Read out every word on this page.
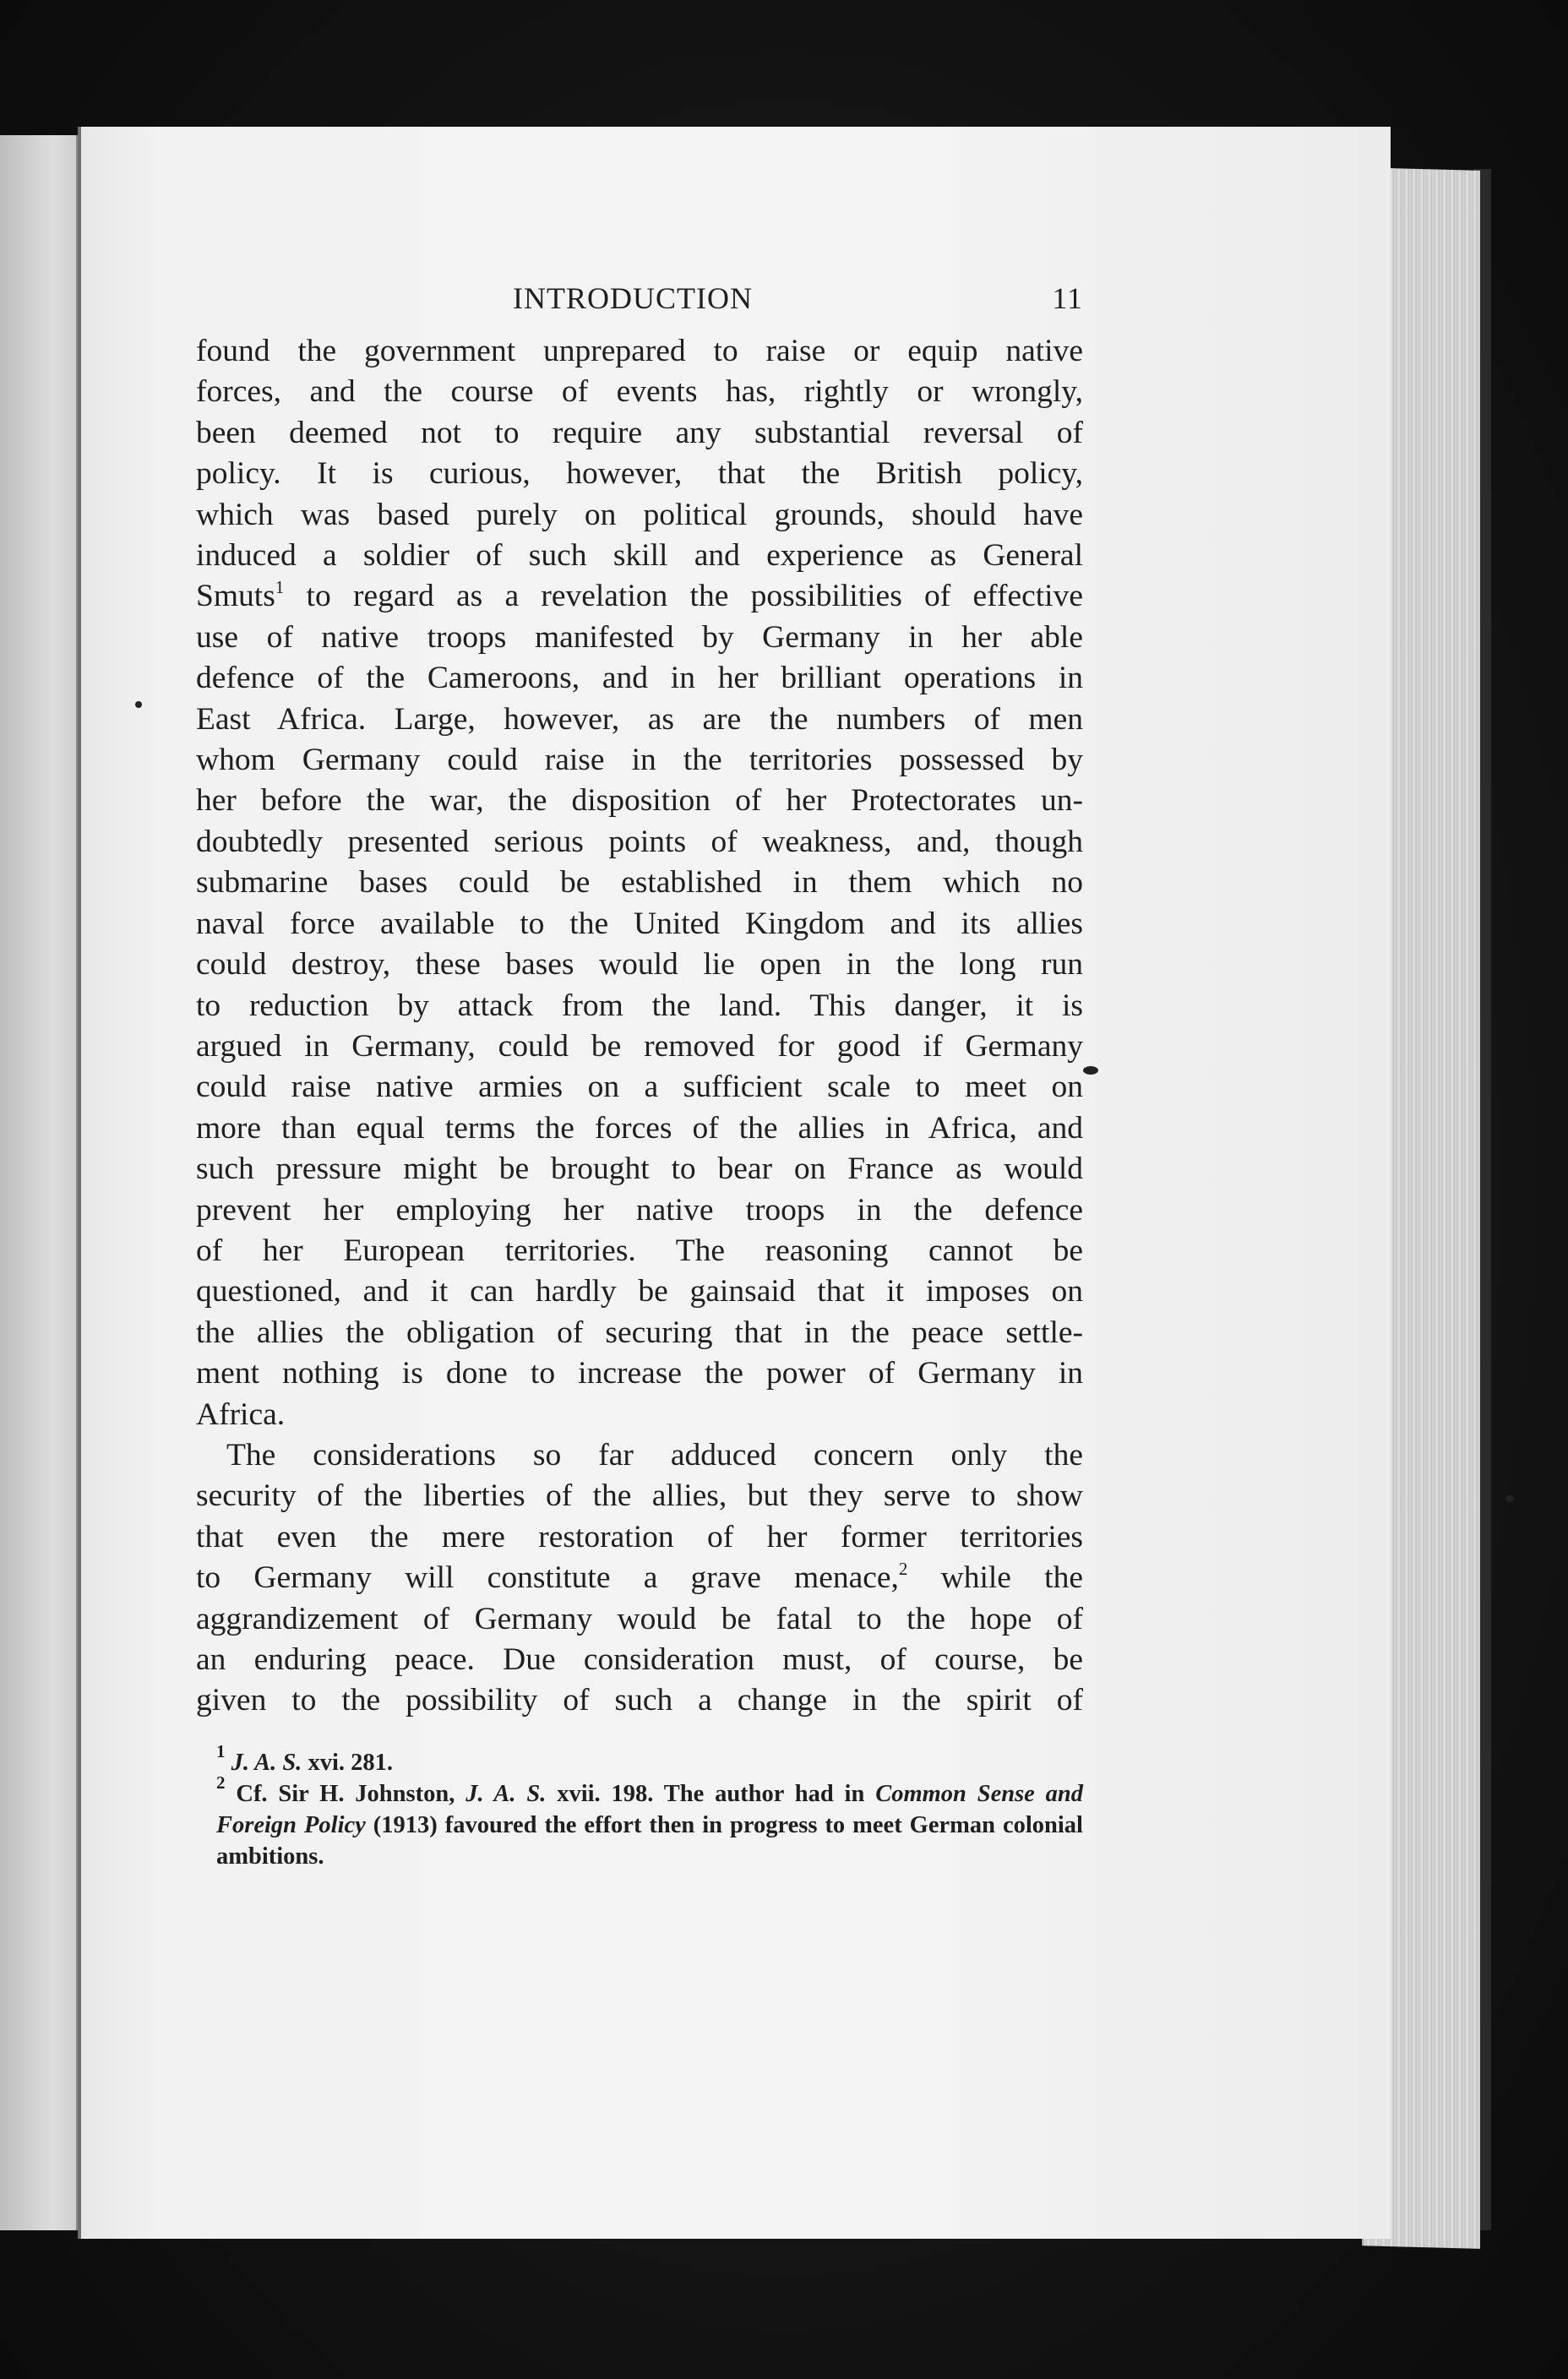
INTRODUCTION	11

found the government unprepared to raise or equip native

forces, and the course of events has, rightly or wrongly,

been deemed not to require any substantial reversal of

policy. It is curious, however, that the British policy,

which was based purely on political grounds, should have

induced a soldier of such skill and experience as General

Smuts$^1$ to regard as a revelation the possibilities of effective

use of native troops manifested by Germany in her able

defence of the Cameroons, and in her brilliant operations in

East Africa. Large, however, as are the numbers of men

whom Germany could raise in the territories possessed by

her before the war, the disposition of her Protectorates un-

doubtedly presented serious points of weakness, and, though

submarine bases could be established in them which no

naval force available to the United Kingdom and its allies

could destroy, these bases would lie open in the long run

to reduction by attack from the land. This danger, it is

argued in Germany, could be removed for good if Germany

could raise native armies on a sufficient scale to meet on

more than equal terms the forces of the allies in Africa, and

such pressure might be brought to bear on France as would

prevent her employing her native troops in the defence

of her European territories. The reasoning cannot be

questioned, and it can hardly be gainsaid that it imposes on

the allies the obligation of securing that in the peace settle-

ment nothing is done to increase the power of Germany in

Africa.

The considerations so far adduced concern only the

security of the liberties of the allies, but they serve to show

that even the mere restoration of her former territories

to Germany will constitute a grave menace,$^2$ while the

aggrandizement of Germany would be fatal to the hope of

an enduring peace. Due consideration must, of course, be

given to the possibility of such a change in the spirit of

$^1$ J. A. S. xvi. 281.

$^2$ Cf. Sir H. Johnston, J. A. S. xvii. 198. The author had in Common Sense and Foreign Policy (1913) favoured the effort then in progress to meet German colonial ambitions.
